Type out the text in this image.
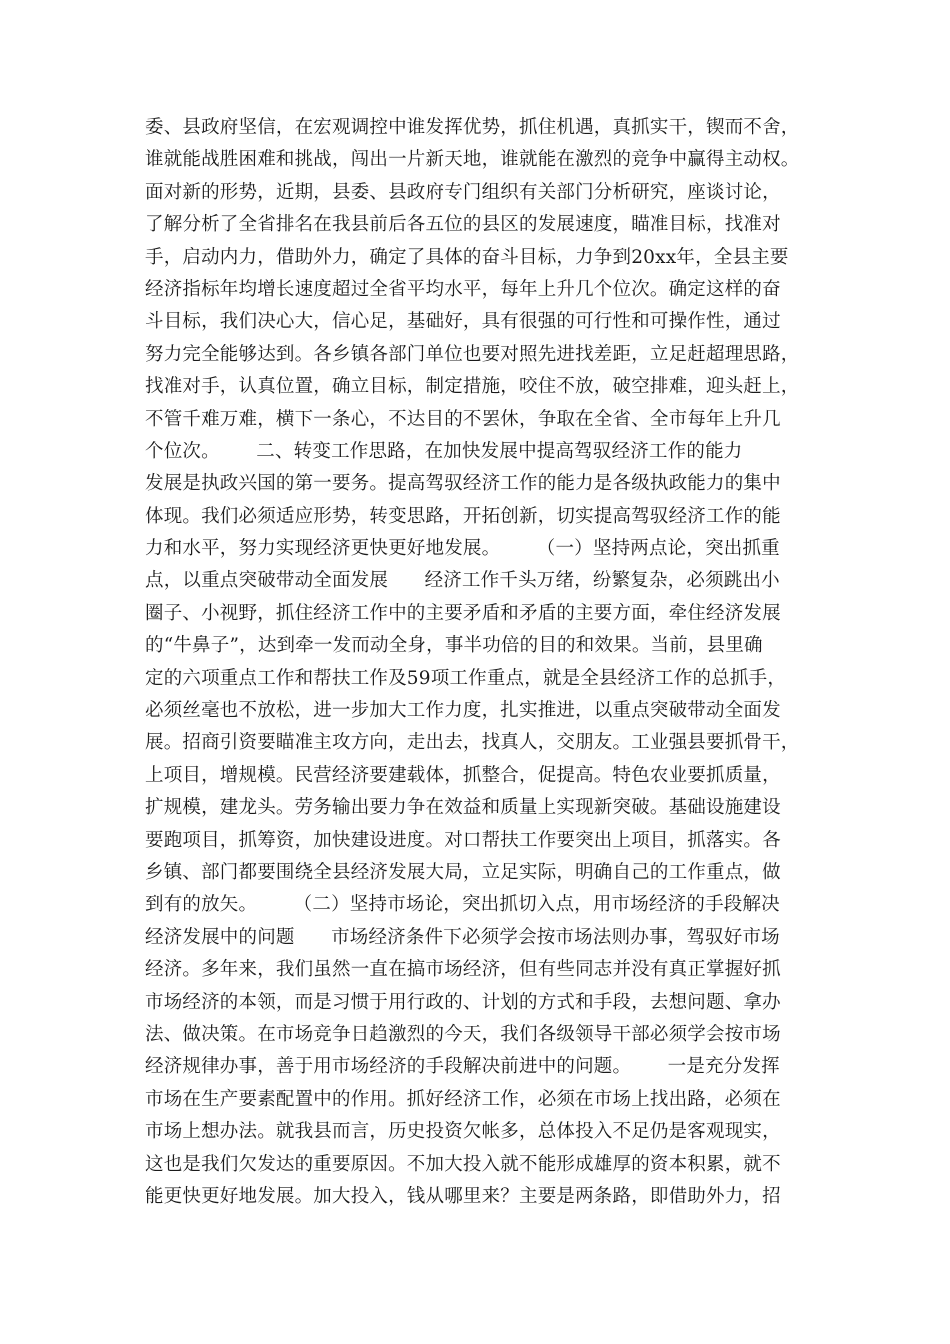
委、县政府坚信，在宏观调控中谁发挥优势，抓住机遇，真抓实干，锲而不舍，
谁就能战胜困难和挑战，闯出一片新天地，谁就能在激烈的竞争中赢得主动权。
面对新的形势，近期，县委、县政府专门组织有关部门分析研究，座谈讨论，
了解分析了全省排名在我县前后各五位的县区的发展速度，瞄准目标，找准对
手，启动内力，借助外力，确定了具体的奋斗目标，力争到20xx年，全县主要
经济指标年均增长速度超过全省平均水平，每年上升几个位次。确定这样的奋
斗目标，我们决心大，信心足，基础好，具有很强的可行性和可操作性，通过
努力完全能够达到。各乡镇各部门单位也要对照先进找差距，立足赶超理思路，
找准对手，认真位置，确立目标，制定措施，咬住不放，破空排难，迎头赶上，
不管千难万难，横下一条心，不达目的不罢休，争取在全省、全市每年上升几
个位次。      二、转变工作思路，在加快发展中提高驾驭经济工作的能力
发展是执政兴国的第一要务。提高驾驭经济工作的能力是各级执政能力的集中
体现。我们必须适应形势，转变思路，开拓创新，切实提高驾驭经济工作的能
力和水平，努力实现经济更快更好地发展。      （一）坚持两点论，突出抓重
点，以重点突破带动全面发展      经济工作千头万绪，纷繁复杂，必须跳出小
圈子、小视野，抓住经济工作中的主要矛盾和矛盾的主要方面，牵住经济发展
的“牛鼻子”，达到牵一发而动全身，事半功倍的目的和效果。当前，县里确
定的六项重点工作和帮扶工作及59项工作重点，就是全县经济工作的总抓手，
必须丝毫也不放松，进一步加大工作力度，扎实推进，以重点突破带动全面发
展。招商引资要瞄准主攻方向，走出去，找真人，交朋友。工业强县要抓骨干，
上项目，增规模。民营经济要建载体，抓整合，促提高。特色农业要抓质量，
扩规模，建龙头。劳务输出要力争在效益和质量上实现新突破。基础设施建设
要跑项目，抓筹资，加快建设进度。对口帮扶工作要突出上项目，抓落实。各
乡镇、部门都要围绕全县经济发展大局，立足实际，明确自己的工作重点，做
到有的放矢。      （二）坚持市场论，突出抓切入点，用市场经济的手段解决
经济发展中的问题      市场经济条件下必须学会按市场法则办事，驾驭好市场
经济。多年来，我们虽然一直在搞市场经济，但有些同志并没有真正掌握好抓
市场经济的本领，而是习惯于用行政的、计划的方式和手段，去想问题、拿办
法、做决策。在市场竞争日趋激烈的今天，我们各级领导干部必须学会按市场
经济规律办事，善于用市场经济的手段解决前进中的问题。      一是充分发挥
市场在生产要素配置中的作用。抓好经济工作，必须在市场上找出路，必须在
市场上想办法。就我县而言，历史投资欠帐多，总体投入不足仍是客观现实，
这也是我们欠发达的重要原因。不加大投入就不能形成雄厚的资本积累，就不
能更快更好地发展。加大投入，钱从哪里来？主要是两条路，即借助外力，招
